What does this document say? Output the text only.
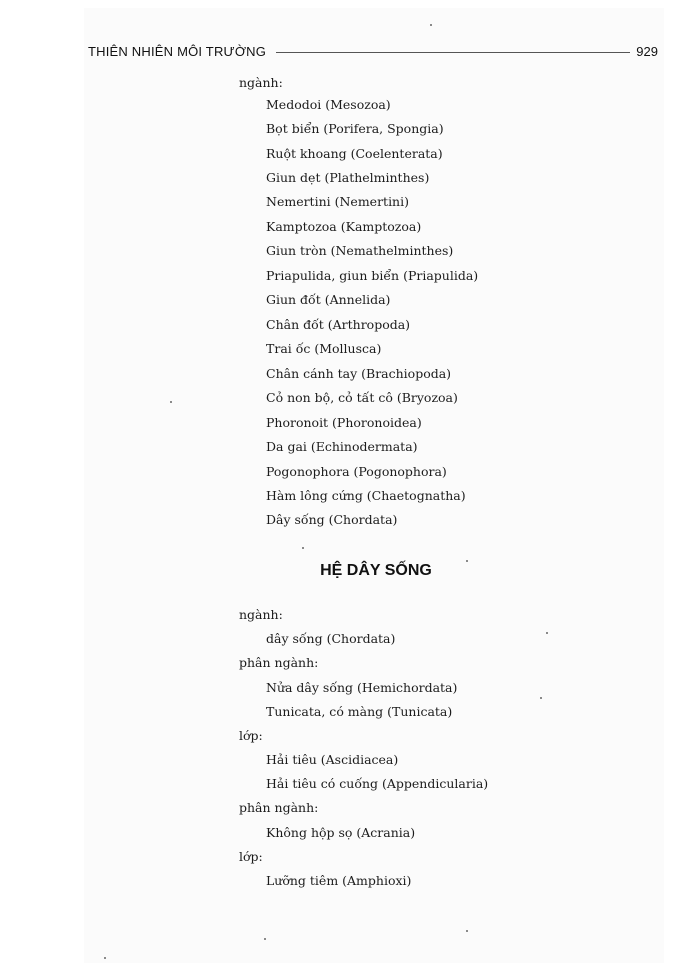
THIÊN NHIÊN MÔI TRƯỜNG	929
ngành:
Medodoi (Mesozoa)
Bọt biển (Porifera, Spongia)
Ruột khoang (Coelenterata)
Giun dẹt (Plathelminthes)
Nemertini (Nemertini)
Kamptozoa (Kamptozoa)
Giun tròn (Nemathelminthes)
Priapulida, giun biển (Priapulida)
Giun đốt (Annelida)
Chân đốt (Arthropoda)
Trai ốc (Mollusca)
Chân cánh tay (Brachiopoda)
Cỏ non bộ, cỏ tất cô (Bryozoa)
Phoronoit (Phoronoidea)
Da gai (Echinodermata)
Pogonophora (Pogonophora)
Hàm lông cứng (Chaetognatha)
Dây sống (Chordata)
HỆ DÂY SỐNG
ngành:
dây sống (Chordata)
phân ngành:
Nửa dây sống (Hemichordata)
Tunicata, có màng (Tunicata)
lớp:
Hải tiêu (Ascidiacea)
Hải tiêu có cuống (Appendicularia)
phân ngành:
Không hộp sọ (Acrania)
lớp:
Lưỡng tiêm (Amphioxi)
